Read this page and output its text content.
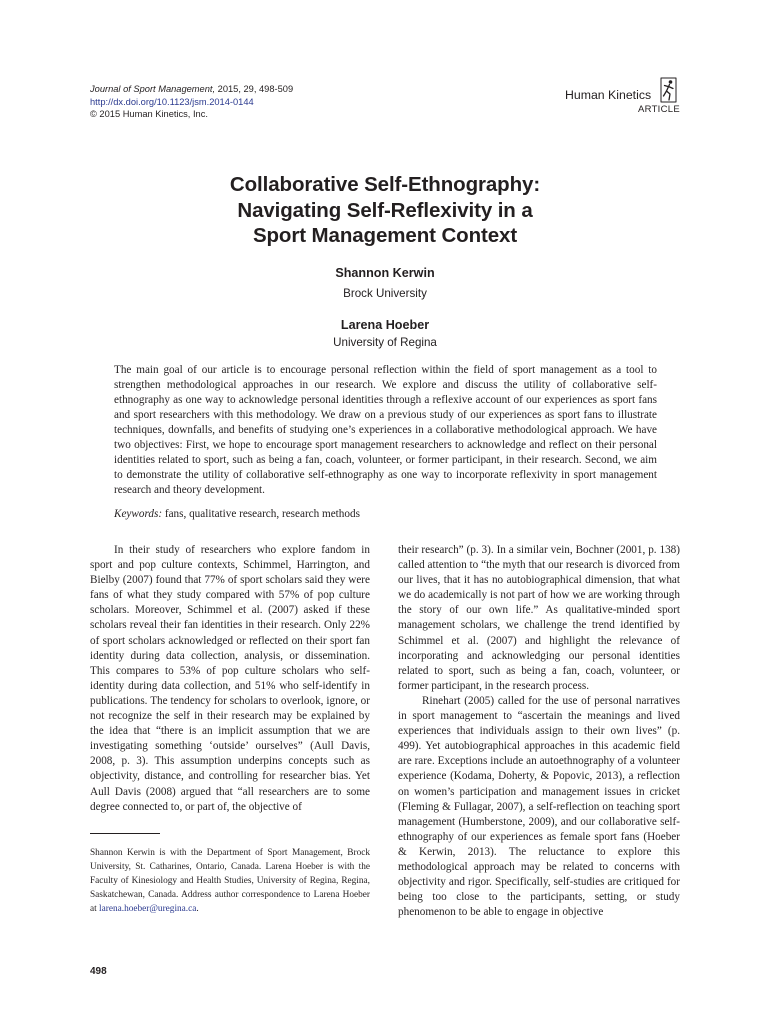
Journal of Sport Management, 2015, 29, 498-509
http://dx.doi.org/10.1123/jsm.2014-0144
© 2015 Human Kinetics, Inc.
Human Kinetics
ARTICLE
Collaborative Self-Ethnography:
Navigating Self-Reflexivity in a
Sport Management Context
Shannon Kerwin
Brock University
Larena Hoeber
University of Regina

The main goal of our article is to encourage personal reflection within the field of sport management as a tool to strengthen methodological approaches in our research. We explore and discuss the utility of collaborative self-ethnography as one way to acknowledge personal identities through a reflexive account of our experiences as sport fans and sport researchers with this methodology. We draw on a previous study of our experiences as sport fans to illustrate techniques, downfalls, and benefits of studying one’s experiences in a collaborative methodological approach. We have two objectives: First, we hope to encourage sport management researchers to acknowledge and reflect on their personal identities related to sport, such as being a fan, coach, volunteer, or former participant, in their research. Second, we aim to demonstrate the utility of collaborative self-ethnography as one way to incorporate reflexivity in sport management research and theory development.

Keywords: fans, qualitative research, research methods

In their study of researchers who explore fandom in sport and pop culture contexts, Schimmel, Harrington, and Bielby (2007) found that 77% of sport scholars said they were fans of what they study compared with 57% of pop culture scholars. Moreover, Schimmel et al. (2007) asked if these scholars reveal their fan identities in their research. Only 22% of sport scholars acknowledged or reflected on their sport fan identity during data collection, analysis, or dissemination. This compares to 53% of pop culture scholars who self-identity during data collection, and 51% who self-identify in publications. The tendency for scholars to overlook, ignore, or not recognize the self in their research may be explained by the idea that “there is an implicit assumption that we are investigating something ‘outside’ ourselves” (Aull Davis, 2008, p. 3). This assumption underpins concepts such as objectivity, distance, and controlling for researcher bias. Yet Aull Davis (2008) argued that “all researchers are to some degree connected to, or part of, the objective of

their research” (p. 3). In a similar vein, Bochner (2001, p. 138) called attention to “the myth that our research is divorced from our lives, that it has no autobiographical dimension, that what we do academically is not part of how we are working through the story of our own life.” As qualitative-minded sport management scholars, we challenge the trend identified by Schimmel et al. (2007) and highlight the relevance of incorporating and acknowledging our personal identities related to sport, such as being a fan, coach, volunteer, or former participant, in the research process.

Rinehart (2005) called for the use of personal narratives in sport management to “ascertain the meanings and lived experiences that individuals assign to their own lives” (p. 499). Yet autobiographical approaches in this academic field are rare. Exceptions include an autoethnography of a volunteer experience (Kodama, Doherty, & Popovic, 2013), a reflection on women’s participation and management issues in cricket (Fleming & Fullagar, 2007), a self-reflection on teaching sport management (Humberstone, 2009), and our collaborative self-ethnography of our experiences as female sport fans (Hoeber & Kerwin, 2013). The reluctance to explore this methodological approach may be related to concerns with objectivity and rigor. Specifically, self-studies are critiqued for being too close to the participants, setting, or study phenomenon to be able to engage in objective

Shannon Kerwin is with the Department of Sport Management, Brock University, St. Catharines, Ontario, Canada. Larena Hoeber is with the Faculty of Kinesiology and Health Studies, University of Regina, Regina, Saskatchewan, Canada. Address author correspondence to Larena Hoeber at larena.hoeber@uregina.ca.

498
